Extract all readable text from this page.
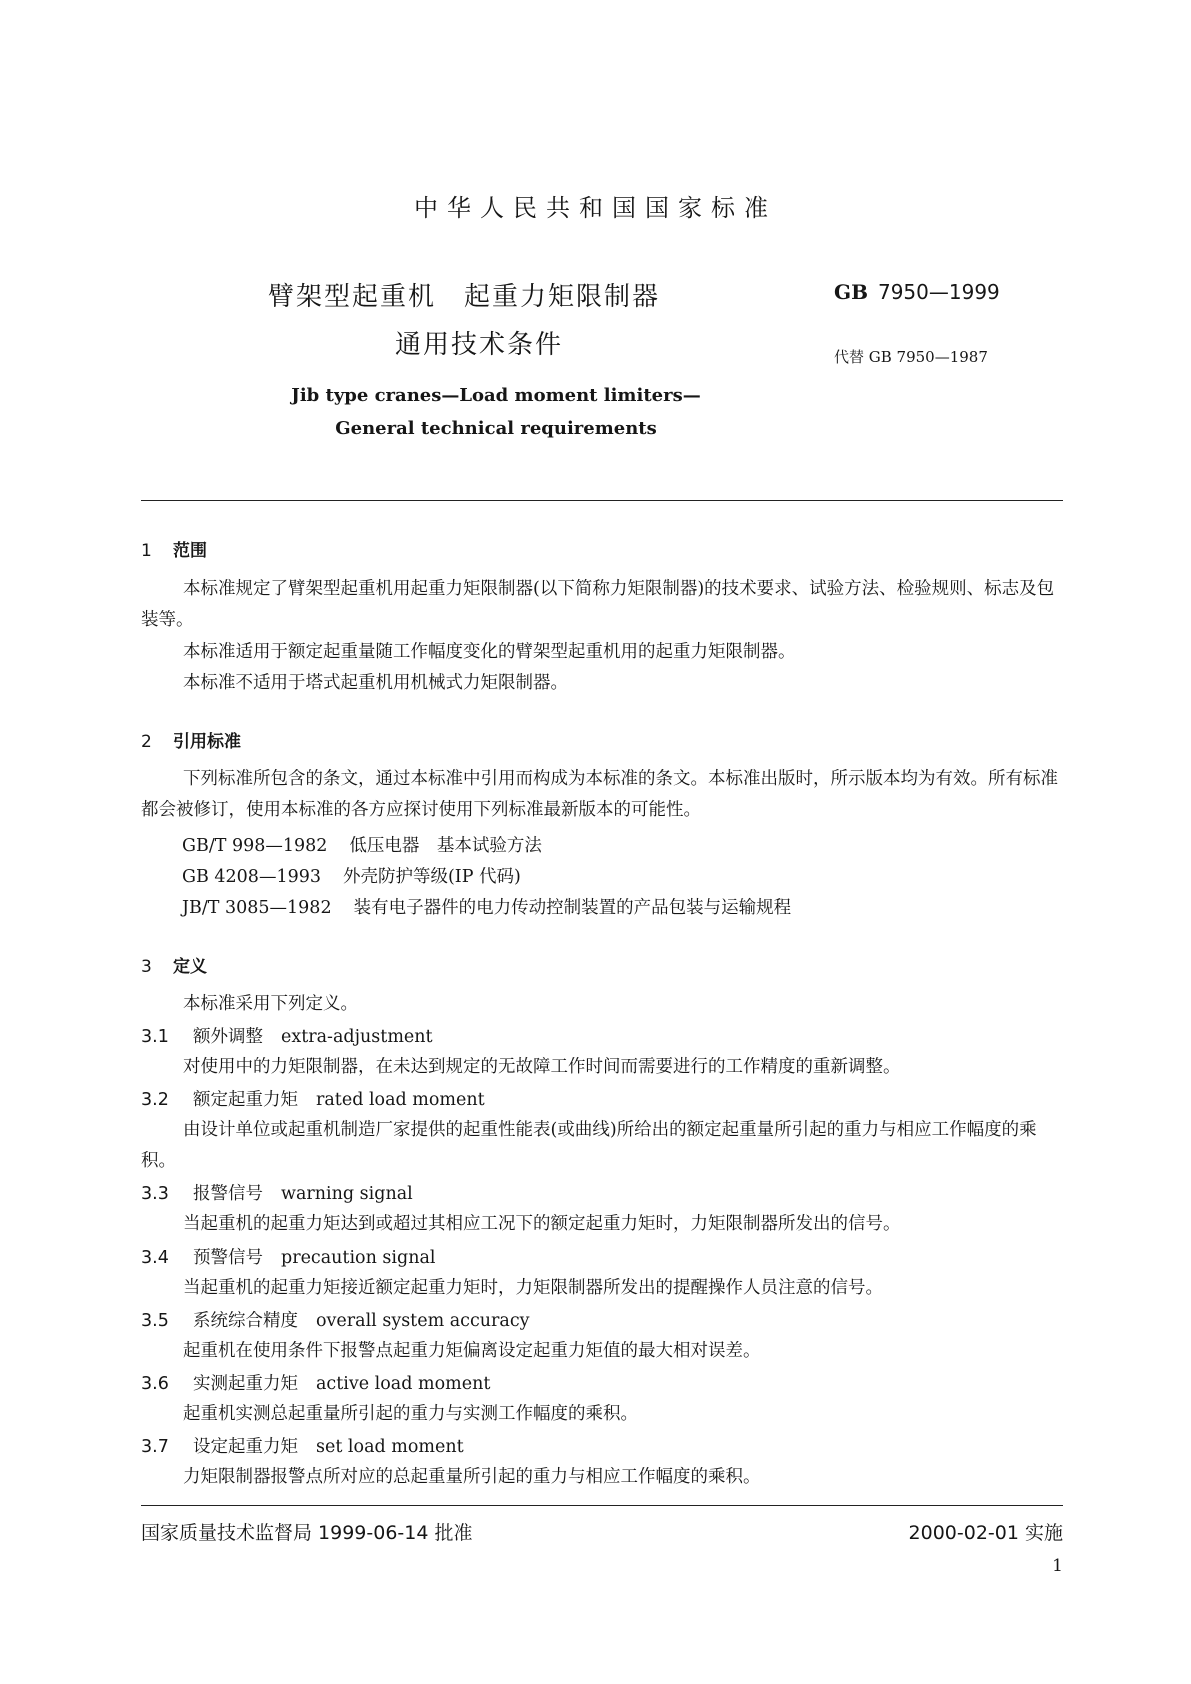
中华人民共和国国家标准
臂架型起重机　起重力矩限制器
通用技术条件
GB 7950—1999
代替 GB 7950—1987
Jib type cranes—Load moment limiters—
General technical requirements
1 范围
本标准规定了臂架型起重机用起重力矩限制器(以下简称力矩限制器)的技术要求、试验方法、检验规则、标志及包装等。
本标准适用于额定起重量随工作幅度变化的臂架型起重机用的起重力矩限制器。
本标准不适用于塔式起重机用机械式力矩限制器。
2 引用标准
下列标准所包含的条文，通过本标准中引用而构成为本标准的条文。本标准出版时，所示版本均为有效。所有标准都会被修订，使用本标准的各方应探讨使用下列标准最新版本的可能性。
GB/T 998—1982 低压电器　基本试验方法
GB 4208—1993 外壳防护等级(IP 代码)
JB/T 3085—1982 装有电子器件的电力传动控制装置的产品包装与运输规程
3 定义
本标准采用下列定义。
3.1 额外调整 extra-adjustment
对使用中的力矩限制器，在未达到规定的无故障工作时间而需要进行的工作精度的重新调整。
3.2 额定起重力矩 rated load moment
由设计单位或起重机制造厂家提供的起重性能表(或曲线)所给出的额定起重量所引起的重力与相应工作幅度的乘积。
3.3 报警信号 warning signal
当起重机的起重力矩达到或超过其相应工况下的额定起重力矩时，力矩限制器所发出的信号。
3.4 预警信号 precaution signal
当起重机的起重力矩接近额定起重力矩时，力矩限制器所发出的提醒操作人员注意的信号。
3.5 系统综合精度 overall system accuracy
起重机在使用条件下报警点起重力矩偏离设定起重力矩值的最大相对误差。
3.6 实测起重力矩 active load moment
起重机实测总起重量所引起的重力与实测工作幅度的乘积。
3.7 设定起重力矩 set load moment
力矩限制器报警点所对应的总起重量所引起的重力与相应工作幅度的乘积。
国家质量技术监督局 1999-06-14 批准	2000-02-01 实施
1
